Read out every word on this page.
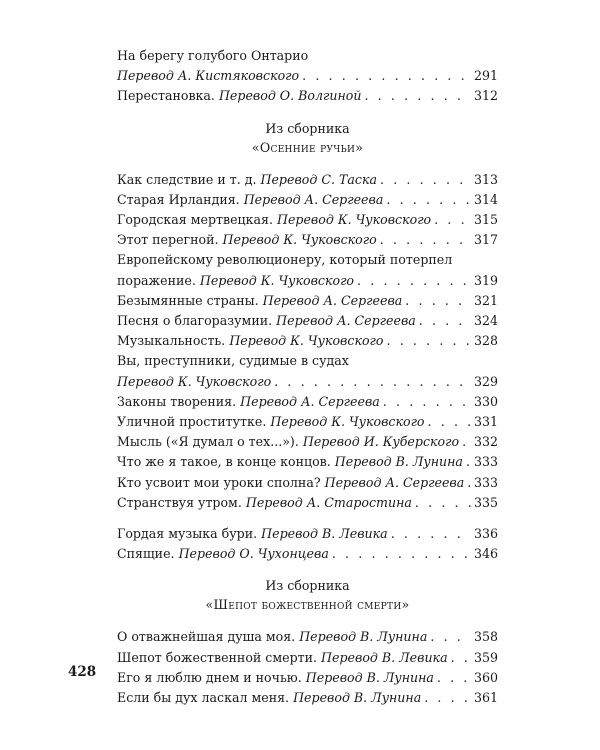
На берегу голубого Онтарио
Перевод А. Кистяковского . . .	291
Перестановка. Перевод О. Волгиной . . .	312
Из сборника
«Осенние ручьи»
Как следствие и т. д. Перевод С. Таска . . .	313
Старая Ирландия. Перевод А. Сергеева . . .	314
Городская мертвецкая. Перевод К. Чуковского . . .	315
Этот перегной. Перевод К. Чуковского . . .	317
Европейскому революционеру, который потерпел
поражение. Перевод К. Чуковского . . .	319
Безымянные страны. Перевод А. Сергеева . . .	321
Песня о благоразумии. Перевод А. Сергеева . . .	324
Музыкальность. Перевод К. Чуковского . . .	328
Вы, преступники, судимые в судах
Перевод К. Чуковского . . .	329
Законы творения. Перевод А. Сергеева . . .	330
Уличной проститутке. Перевод К. Чуковского . . .	331
Мысль («Я думал о тех...»). Перевод И. Куберского . . . 332
Что же я такое, в конце концов. Перевод В. Лунина . . . 333
Кто усвоит мои уроки сполна? Перевод А. Сергеева . . . 333
Странствуя утром. Перевод А. Старостина . . .	335
Гордая музыка бури. Перевод В. Левика . . .	336
Спящие. Перевод О. Чухонцева . . .	346
Из сборника
«Шепот божественной смерти»
О отважнейшая душа моя. Перевод В. Лунина . . .	358
Шепот божественной смерти. Перевод В. Левика . . . 359
Его я люблю днем и ночью. Перевод В. Лунина . . .	360
Если бы дух ласкал меня. Перевод В. Лунина . . .	361
428
